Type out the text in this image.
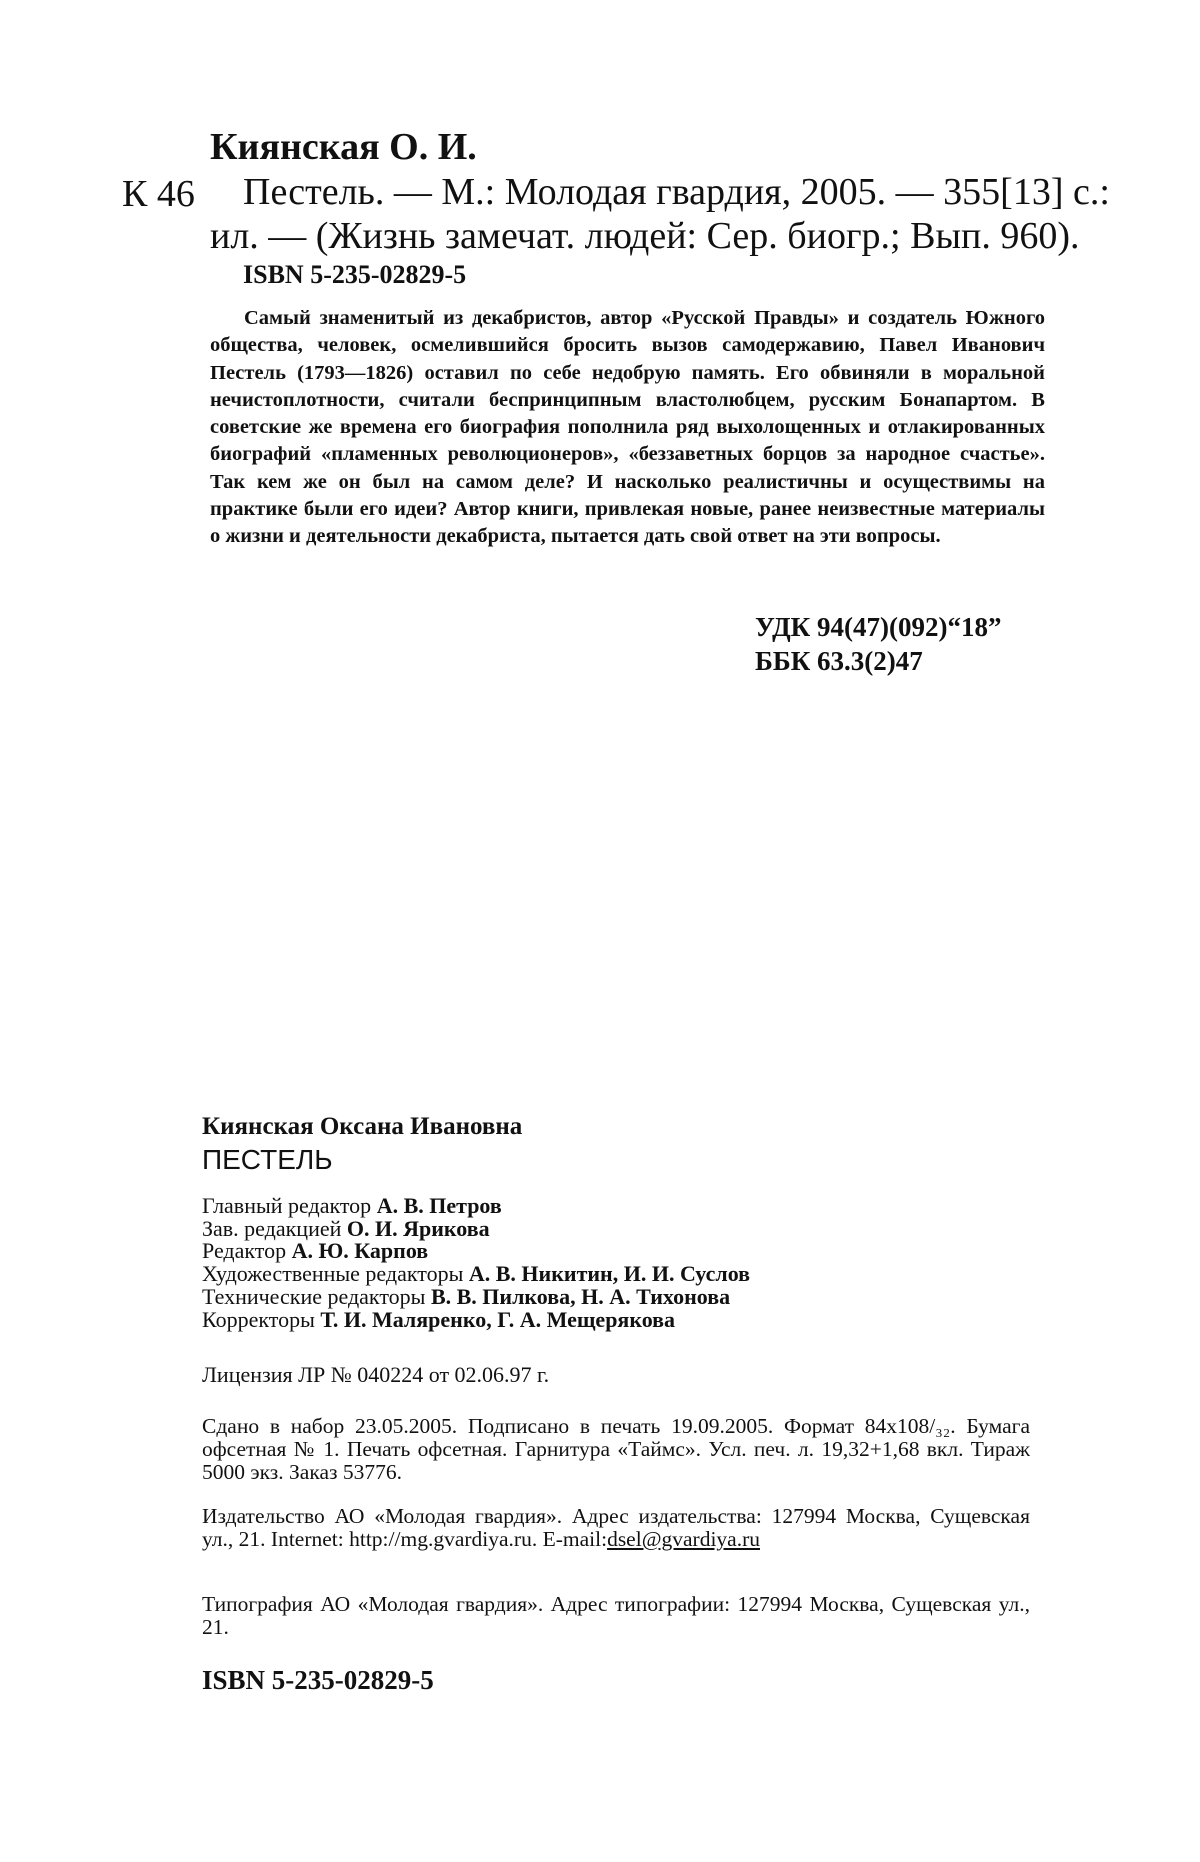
Киянская О. И.

К 46 Пестель. — М.: Молодая гвардия, 2005. — 355[13] с.:

ил. — (Жизнь замечат. людей: Сер. биогр.; Вып. 960).

ISBN 5-235-02829-5

Самый знаменитый из декабристов, автор «Русской Правды» и создатель Южного общества, человек, осмелившийся бросить вызов самодержавию, Павел Иванович Пестель (1793—1826) оставил по себе недобрую память. Его обвиняли в моральной нечистоплотности, считали беспринципным властолюбцем, русским Бонапартом. В советские же времена его биография пополнила ряд выхолощенных и отлакированных биографий «пламенных революционеров», «беззаветных борцов за народное счастье». Так кем же он был на самом деле? И насколько реалистичны и осуществимы на практике были его идеи? Автор книги, привлекая новые, ранее неизвестные материалы о жизни и деятельности декабриста, пытается дать свой ответ на эти вопросы.

УДК 94(47)(092)“18”

ББК 63.3(2)47

Киянская Оксана Ивановна

ПЕСТЕЛЬ

Главный редактор А. В. Петров
Зав. редакцией О. И. Ярикова
Редактор А. Ю. Карпов
Художественные редакторы А. В. Никитин, И. И. Суслов
Технические редакторы В. В. Пилкова, Н. А. Тихонова
Корректоры Т. И. Маляренко, Г. А. Мещерякова

Лицензия ЛР № 040224 от 02.06.97 г.

Сдано в набор 23.05.2005. Подписано в печать 19.09.2005. Формат 84x108/₃₂. Бумага офсетная № 1. Печать офсетная. Гарнитура «Таймс». Усл. печ. л. 19,32+1,68 вкл. Тираж 5000 экз. Заказ 53776.

Издательство АО «Молодая гвардия». Адрес издательства: 127994 Москва, Сущевская ул., 21. Internet: http://mg.gvardiya.ru. E-mail:dsel@gvardiya.ru

Типография АО «Молодая гвардия». Адрес типографии: 127994 Москва, Сущевская ул., 21.

ISBN 5-235-02829-5
